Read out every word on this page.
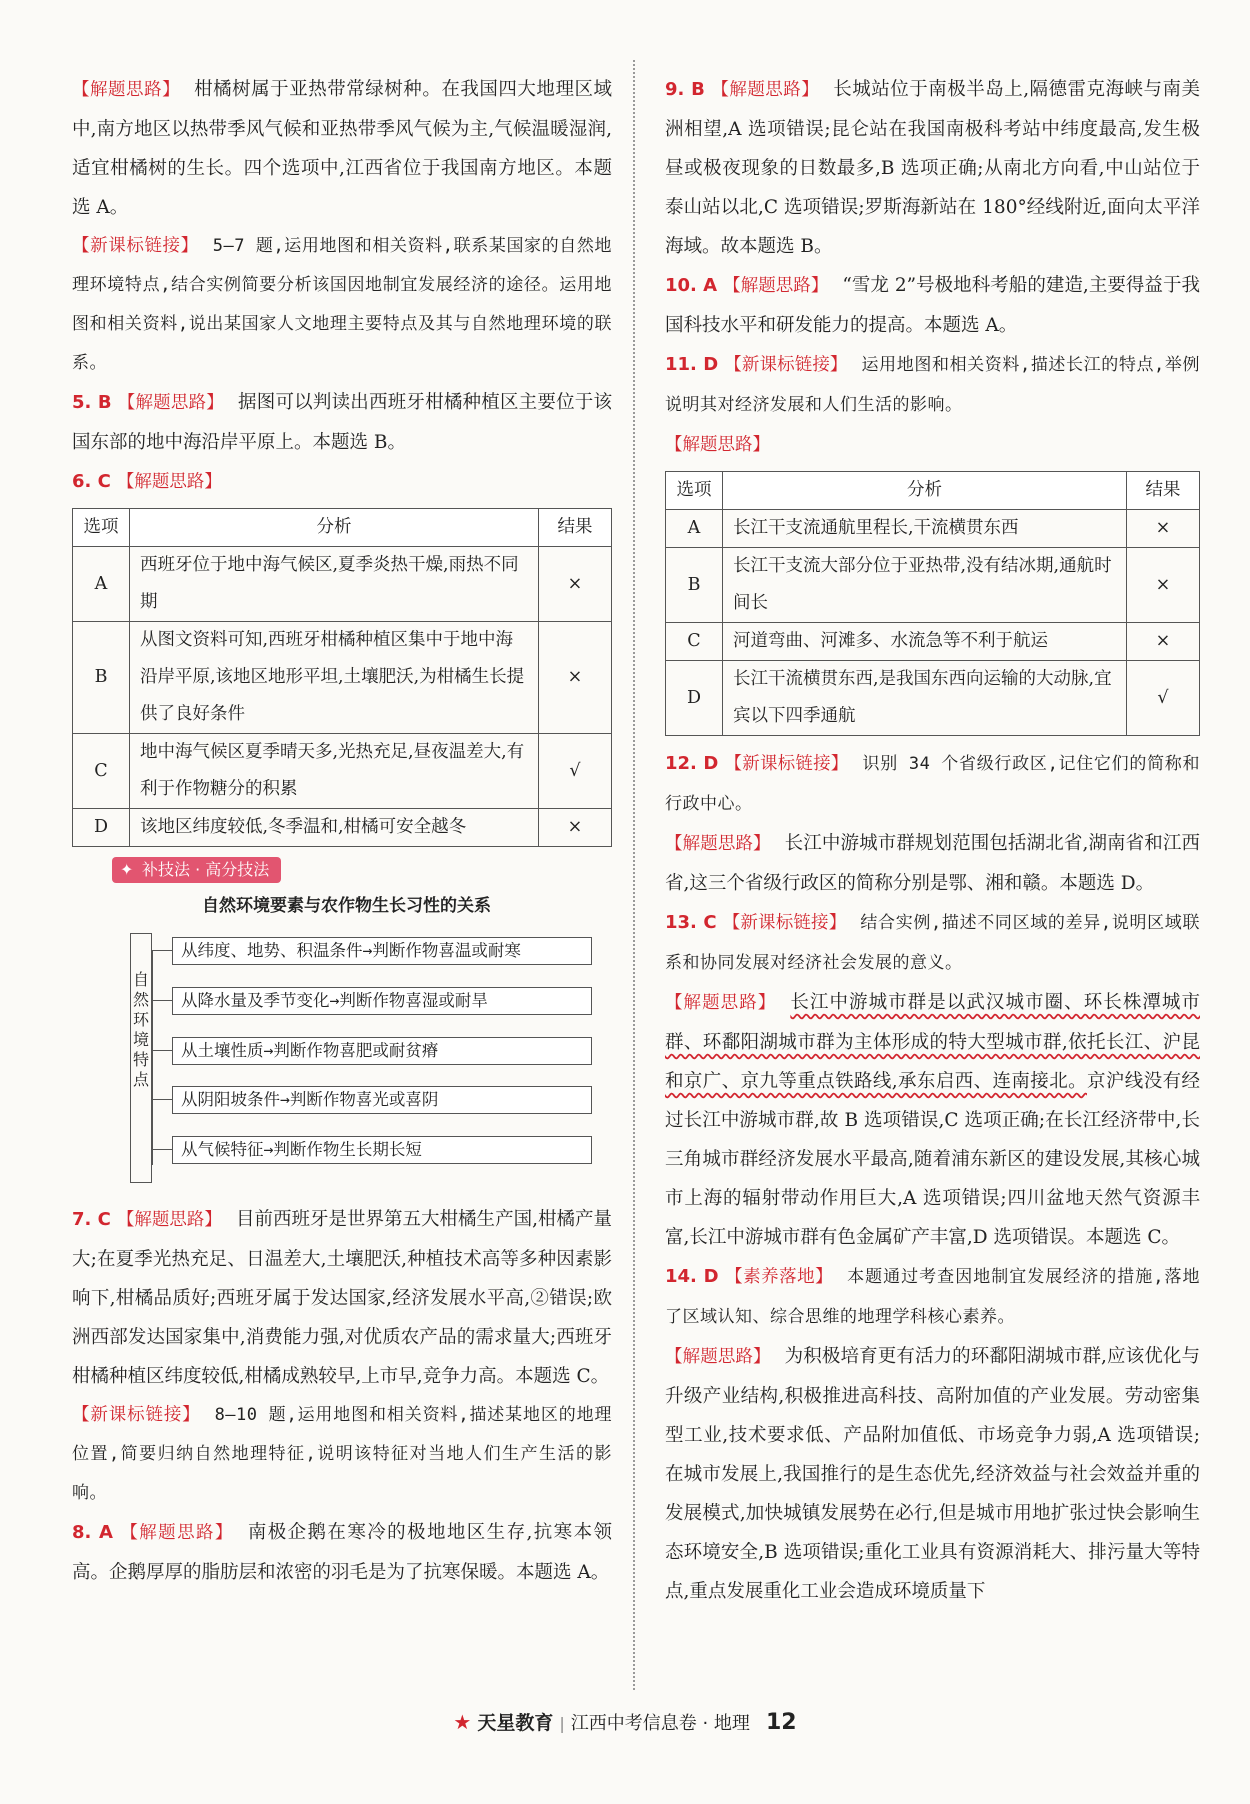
【解题思路】 柑橘树属于亚热带常绿树种。在我国四大地理区域中,南方地区以热带季风气候和亚热带季风气候为主,气候温暖湿润,适宜柑橘树的生长。四个选项中,江西省位于我国南方地区。本题选 A。

【新课标链接】 5—7 题,运用地图和相关资料,联系某国家的自然地理环境特点,结合实例简要分析该国因地制宜发展经济的途径。运用地图和相关资料,说出某国家人文地理主要特点及其与自然地理环境的联系。

5. B 【解题思路】 据图可以判读出西班牙柑橘种植区主要位于该国东部的地中海沿岸平原上。本题选 B。

6. C 【解题思路】

选项	分析	结果
A	西班牙位于地中海气候区,夏季炎热干燥,雨热不同期	×
B	从图文资料可知,西班牙柑橘种植区集中于地中海沿岸平原,该地区地形平坦,土壤肥沃,为柑橘生长提供了良好条件	×
C	地中海气候区夏季晴天多,光热充足,昼夜温差大,有利于作物糖分的积累	√
D	该地区纬度较低,冬季温和,柑橘可安全越冬	×
✦ 补技法 · 高分技法
自然环境要素与农作物生长习性的关系
自
然
环
境
特
点
从纬度、地势、积温条件→判断作物喜温或耐寒
从降水量及季节变化→判断作物喜湿或耐旱
从土壤性质→判断作物喜肥或耐贫瘠
从阴阳坡条件→判断作物喜光或喜阴
从气候特征→判断作物生长期长短

7. C 【解题思路】 目前西班牙是世界第五大柑橘生产国,柑橘产量大;在夏季光热充足、日温差大,土壤肥沃,种植技术高等多种因素影响下,柑橘品质好;西班牙属于发达国家,经济发展水平高,②错误;欧洲西部发达国家集中,消费能力强,对优质农产品的需求量大;西班牙柑橘种植区纬度较低,柑橘成熟较早,上市早,竞争力高。本题选 C。

【新课标链接】 8—10 题,运用地图和相关资料,描述某地区的地理位置,简要归纳自然地理特征,说明该特征对当地人们生产生活的影响。

8. A 【解题思路】 南极企鹅在寒冷的极地地区生存,抗寒本领高。企鹅厚厚的脂肪层和浓密的羽毛是为了抗寒保暖。本题选 A。

9. B 【解题思路】 长城站位于南极半岛上,隔德雷克海峡与南美洲相望,A 选项错误;昆仑站在我国南极科考站中纬度最高,发生极昼或极夜现象的日数最多,B 选项正确;从南北方向看,中山站位于泰山站以北,C 选项错误;罗斯海新站在 180°经线附近,面向太平洋海域。故本题选 B。

10. A 【解题思路】 “雪龙 2”号极地科考船的建造,主要得益于我国科技水平和研发能力的提高。本题选 A。

11. D 【新课标链接】 运用地图和相关资料,描述长江的特点,举例说明其对经济发展和人们生活的影响。

【解题思路】

选项	分析	结果
A	长江干支流通航里程长,干流横贯东西	×
B	长江干支流大部分位于亚热带,没有结冰期,通航时间长	×
C	河道弯曲、河滩多、水流急等不利于航运	×
D	长江干流横贯东西,是我国东西向运输的大动脉,宜宾以下四季通航	√

12. D 【新课标链接】 识别 34 个省级行政区,记住它们的简称和行政中心。

【解题思路】 长江中游城市群规划范围包括湖北省,湖南省和江西省,这三个省级行政区的简称分别是鄂、湘和赣。本题选 D。

13. C 【新课标链接】 结合实例,描述不同区域的差异,说明区域联系和协同发展对经济社会发展的意义。

【解题思路】 长江中游城市群是以武汉城市圈、环长株潭城市群、环鄱阳湖城市群为主体形成的特大型城市群,依托长江、沪昆和京广、京九等重点铁路线,承东启西、连南接北。京沪线没有经过长江中游城市群,故 B 选项错误,C 选项正确;在长江经济带中,长三角城市群经济发展水平最高,随着浦东新区的建设发展,其核心城市上海的辐射带动作用巨大,A 选项错误;四川盆地天然气资源丰富,长江中游城市群有色金属矿产丰富,D 选项错误。本题选 C。

14. D 【素养落地】 本题通过考查因地制宜发展经济的措施,落地了区域认知、综合思维的地理学科核心素养。

【解题思路】 为积极培育更有活力的环鄱阳湖城市群,应该优化与升级产业结构,积极推进高科技、高附加值的产业发展。劳动密集型工业,技术要求低、产品附加值低、市场竞争力弱,A 选项错误;在城市发展上,我国推行的是生态优先,经济效益与社会效益并重的发展模式,加快城镇发展势在必行,但是城市用地扩张过快会影响生态环境安全,B 选项错误;重化工业具有资源消耗大、排污量大等特点,重点发展重化工业会造成环境质量下

★ 天星教育 | 江西中考信息卷 · 地理 12
